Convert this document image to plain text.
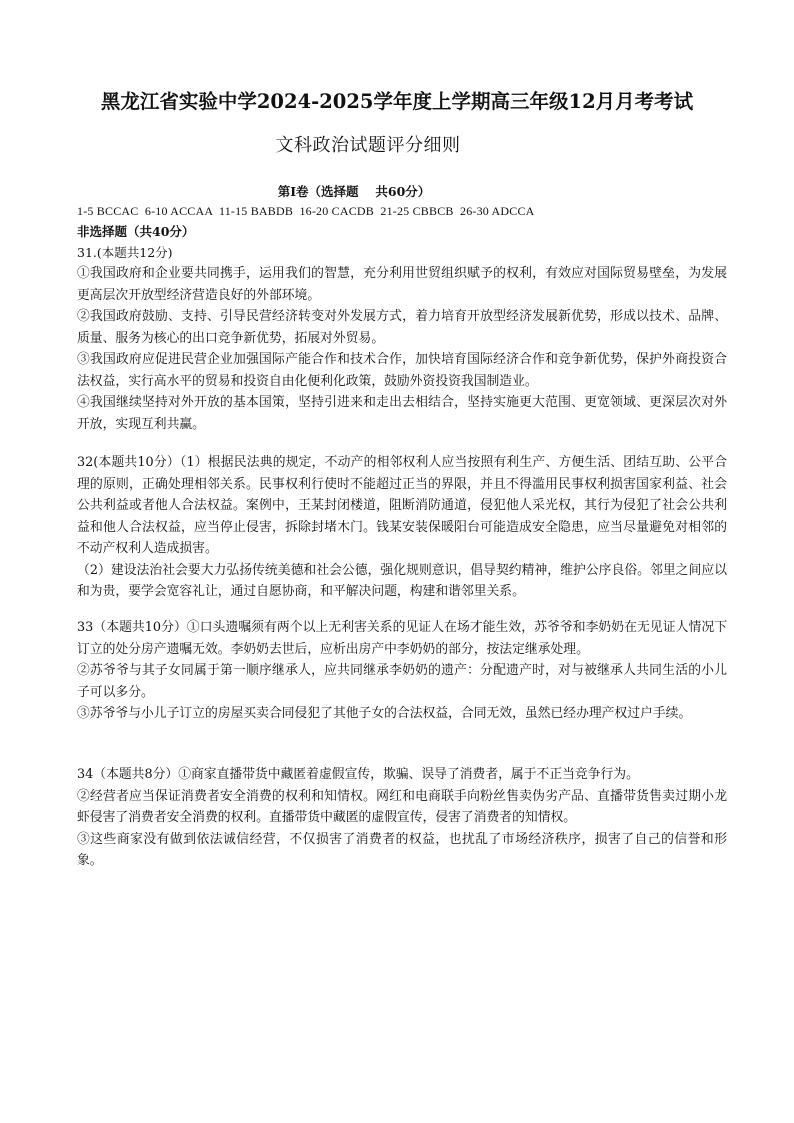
黑龙江省实验中学2024-2025学年度上学期高三年级12月月考考试
文科政治试题评分细则
第Ⅰ卷（选择题　 共60分）
1-5 BCCAC  6-10 ACCAA  11-15 BABDB  16-20 CACDB  21-25 CBBCB  26-30 ADCCA
非选择题（共40分）
31.(本题共12分)

①我国政府和企业要共同携手，运用我们的智慧，充分利用世贸组织赋予的权利，有效应对国际贸易壁垒，为发展更高层次开放型经济营造良好的外部环境。

②我国政府鼓励、支持、引导民营经济转变对外发展方式，着力培育开放型经济发展新优势，形成以技术、品牌、质量、服务为核心的出口竞争新优势，拓展对外贸易。

③我国政府应促进民营企业加强国际产能合作和技术合作，加快培育国际经济合作和竞争新优势，保护外商投资合法权益，实行高水平的贸易和投资自由化便利化政策，鼓励外资投资我国制造业。

④我国继续坚持对外开放的基本国策，坚持引进来和走出去相结合，坚持实施更大范围、更宽领域、更深层次对外开放，实现互利共赢。

32(本题共10分）（1）根据民法典的规定，不动产的相邻权利人应当按照有利生产、方便生活、团结互助、公平合理的原则，正确处理相邻关系。民事权利行使时不能超过正当的界限，并且不得滥用民事权利损害国家利益、社会公共利益或者他人合法权益。案例中，王某封闭楼道，阻断消防通道，侵犯他人采光权，其行为侵犯了社会公共利益和他人合法权益，应当停止侵害，拆除封堵木门。钱某安装保暖阳台可能造成安全隐患，应当尽量避免对相邻的不动产权利人造成损害。

（2）建设法治社会要大力弘扬传统美德和社会公德，强化规则意识，倡导契约精神，维护公序良俗。邻里之间应以和为贵，要学会宽容礼让，通过自愿协商，和平解决问题，构建和谐邻里关系。

33（本题共10分）①口头遗嘱须有两个以上无利害关系的见证人在场才能生效，苏爷爷和李奶奶在无见证人情况下订立的处分房产遗嘱无效。李奶奶去世后，应析出房产中李奶奶的部分，按法定继承处理。

②苏爷爷与其子女同属于第一顺序继承人，应共同继承李奶奶的遗产：分配遗产时，对与被继承人共同生活的小儿子可以多分。

③苏爷爷与小儿子订立的房屋买卖合同侵犯了其他子女的合法权益，合同无效，虽然已经办理产权过户手续。

34（本题共8分）①商家直播带货中藏匿着虚假宣传，欺骗、误导了消费者，属于不正当竞争行为。

②经营者应当保证消费者安全消费的权利和知情权。网红和电商联手向粉丝售卖伪劣产品、直播带货售卖过期小龙虾侵害了消费者安全消费的权利。直播带货中藏匿的虚假宣传，侵害了消费者的知情权。

③这些商家没有做到依法诚信经营，不仅损害了消费者的权益，也扰乱了市场经济秩序，损害了自己的信誉和形象。
